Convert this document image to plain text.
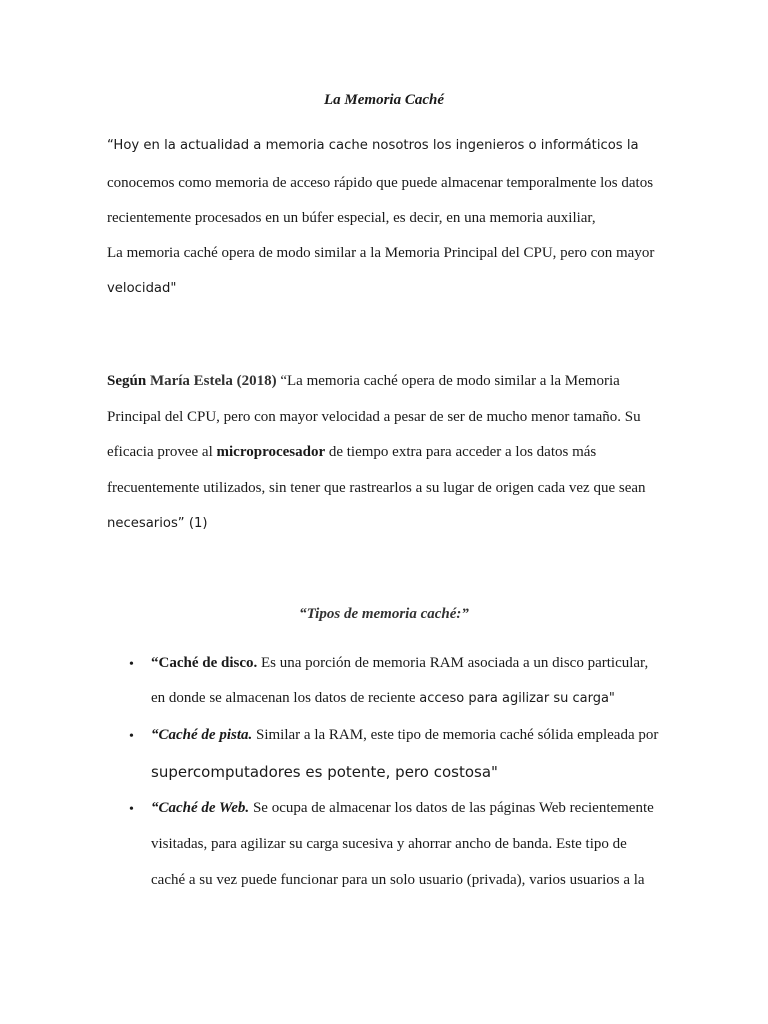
La Memoria Caché
“Hoy en la actualidad a memoria cache nosotros los ingenieros o informáticos la
conocemos como memoria de acceso rápido que puede almacenar temporalmente los datos
recientemente procesados en un búfer especial, es decir, en una memoria auxiliar,
La memoria caché opera de modo similar a la Memoria Principal del CPU, pero con mayor
velocidad"
Según María Estela (2018) “La memoria caché opera de modo similar a la Memoria
Principal del CPU, pero con mayor velocidad a pesar de ser de mucho menor tamaño. Su
eficacia provee al microprocesador de tiempo extra para acceder a los datos más
frecuentemente utilizados, sin tener que rastrearlos a su lugar de origen cada vez que sean
necesarios” (1)
“Tipos de memoria caché:”
• “Caché de disco. Es una porción de memoria RAM asociada a un disco particular,
en donde se almacenan los datos de reciente acceso para agilizar su carga"
• “Caché de pista. Similar a la RAM, este tipo de memoria caché sólida empleada por
supercomputadores es potente, pero costosa"
• “Caché de Web. Se ocupa de almacenar los datos de las páginas Web recientemente
visitadas, para agilizar su carga sucesiva y ahorrar ancho de banda. Este tipo de
caché a su vez puede funcionar para un solo usuario (privada), varios usuarios a la
